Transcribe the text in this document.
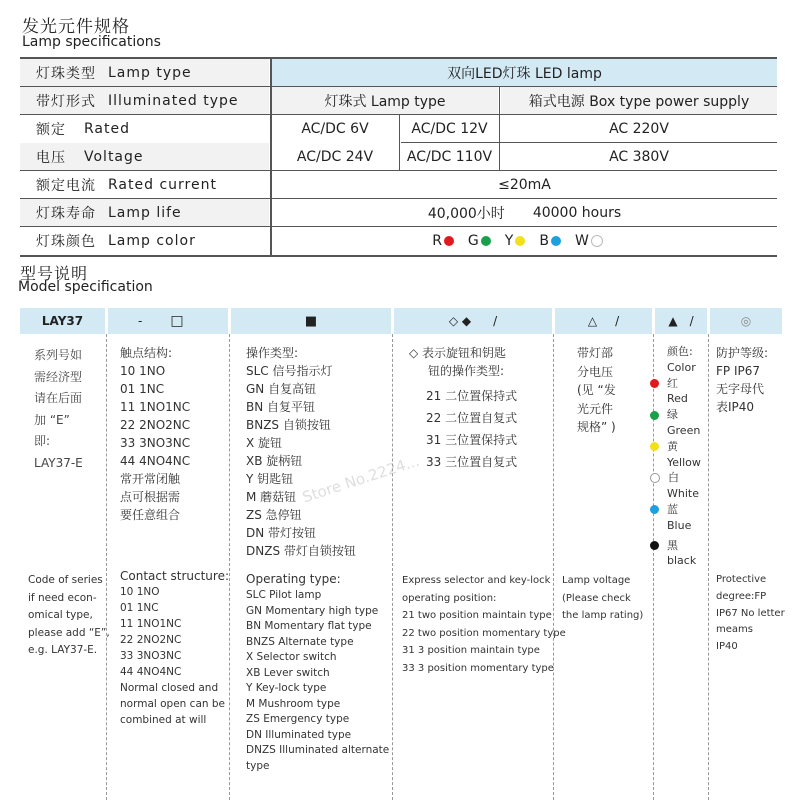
发光元件规格
Lamp specifications
灯珠类型 Lamp type	双向LED灯珠 LED lamp
带灯形式 Illuminated type	灯珠式 Lamp type	箱式电源 Box type power supply
额定 Rated	AC/DC 6V	AC/DC 12V	AC 220V
电压 Voltage	AC/DC 24V	AC/DC 110V	AC 380V
额定电流 Rated current	≤20mA
灯珠寿命 Lamp life	40,000小时 40000 hours
灯珠颜色 Lamp color	R G Y B W
型号说明
Model specification
LAY37	- □	■	◇ ◆ /	△ /	▲ /	◎
系列号如
需经济型
请在后面
加 “E”
即:
LAY37-E
触点结构:
10 1NO
01 1NC
11 1NO1NC
22 2NO2NC
33 3NO3NC
44 4NO4NC
常开常闭触
点可根据需
要任意组合
操作类型:
SLC 信号指示灯
GN 自复高钮
BN 自复平钮
BNZS 自锁按钮
X 旋钮
XB 旋柄钮
Y 钥匙钮
M 蘑菇钮
ZS 急停钮
DN 带灯按钮
DNZS 带灯自锁按钮
◇ 表示旋钮和钥匙
钮的操作类型:
21 二位置保持式
22 二位置自复式
31 三位置保持式
33 三位置自复式
带灯部
分电压
(见 “发
光元件
规格” )
颜色:
Color
红
Red
绿
Green
黄
Yellow
白
White
蓝
Blue
黑
black
防护等级:
FP IP67
无字母代
表IP40
Code of series
if need econ-
omical type,
please add “E”,
e.g. LAY37-E.
Contact structure:
10 1NO
01 1NC
11 1NO1NC
22 2NO2NC
33 3NO3NC
44 4NO4NC
Normal closed and
normal open can be
combined at will
Operating type:
SLC Pilot lamp
GN Momentary high type
BN Momentary flat type
BNZS Alternate type
X Selector switch
XB Lever switch
Y Key-lock type
M Mushroom type
ZS Emergency type
DN Illuminated type
DNZS Illuminated alternate
type
Express selector and key-lock
operating position:
21 two position maintain type
22 two position momentary type
31 3 position maintain type
33 3 position momentary type
Lamp voltage
(Please check
the lamp rating)
Protective
degree:FP
IP67 No letter
meams
IP40
Store No.2224...
